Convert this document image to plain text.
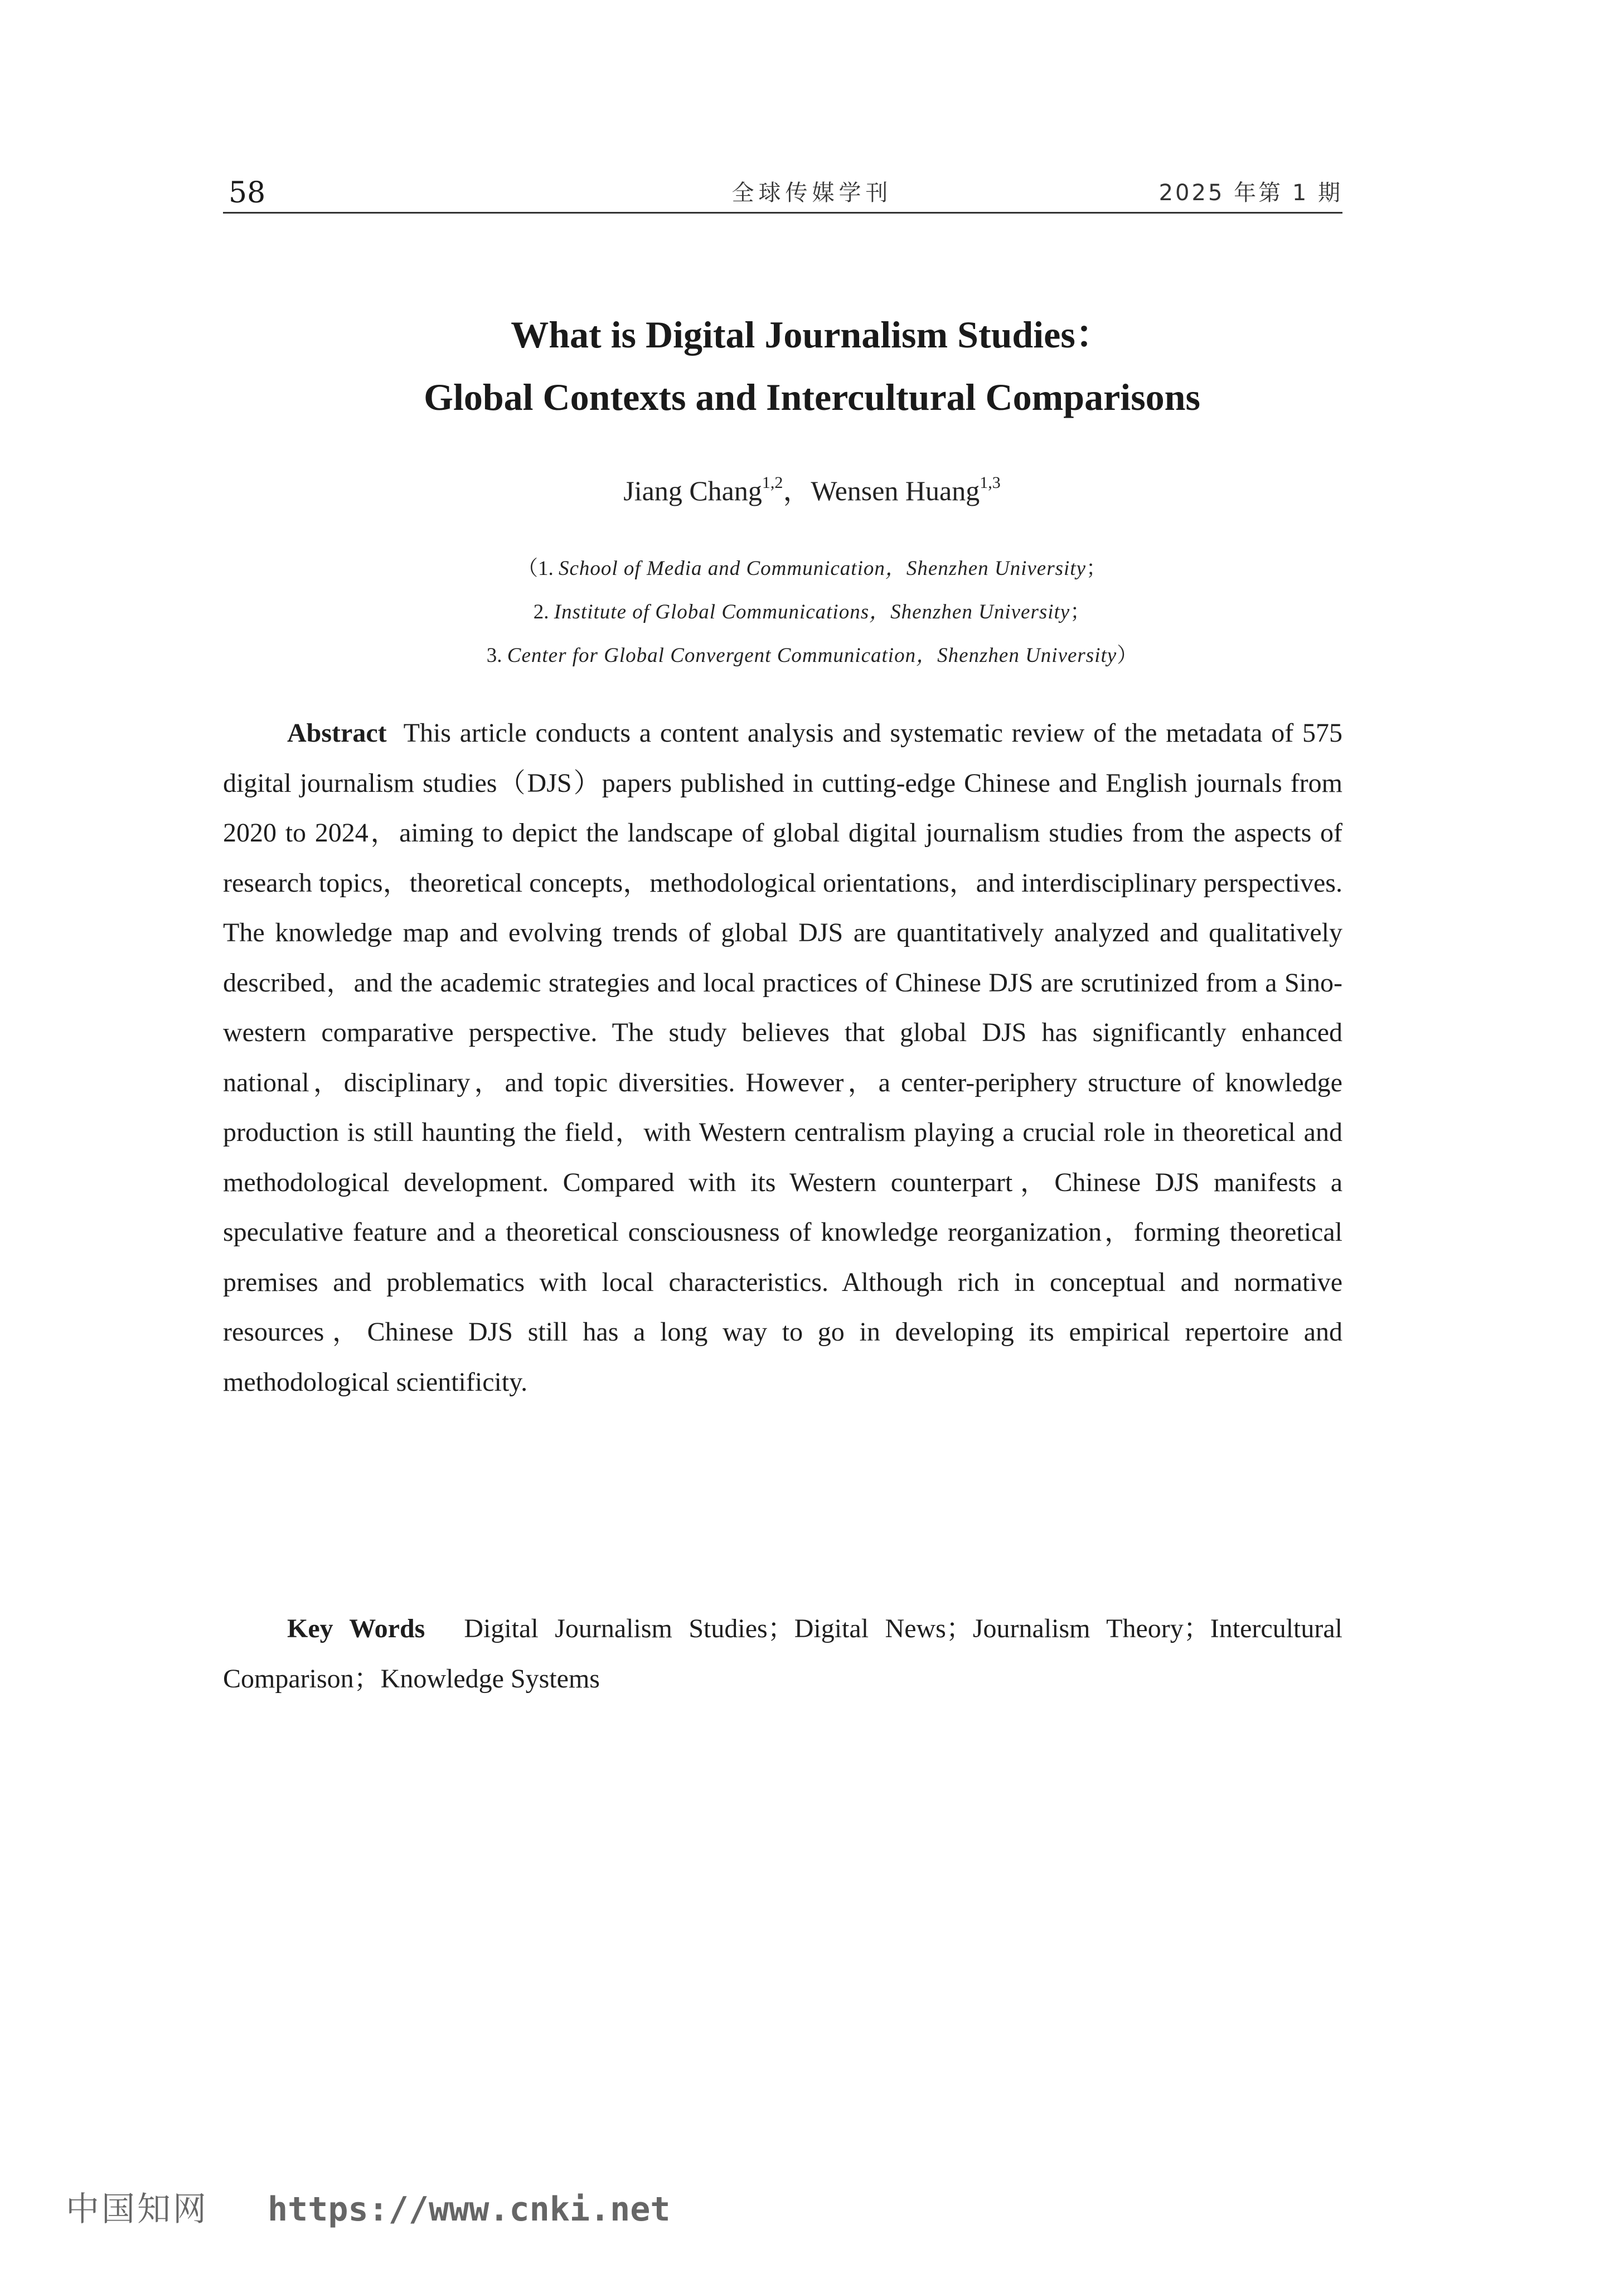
58	全球传媒学刊	2025 年第 1 期
What is Digital Journalism Studies：
Global Contexts and Intercultural Comparisons
Jiang Chang$^{1,2}$，Wensen Huang$^{1,3}$
（1. School of Media and Communication，Shenzhen University；
2. Institute of Global Communications，Shenzhen University；
3. Center for Global Convergent Communication，Shenzhen University）
Abstract This article conducts a content analysis and systematic review of the metadata of 575 digital journalism studies（DJS）papers published in cutting-edge Chinese and English journals from 2020 to 2024，aiming to depict the landscape of global digital journalism studies from the aspects of research topics，theoretical concepts，methodological orientations，and interdisciplinary perspectives. The knowledge map and evolving trends of global DJS are quantitatively analyzed and qualitatively described，and the academic strategies and local practices of Chinese DJS are scrutinized from a Sino-western comparative perspective. The study believes that global DJS has significantly enhanced national，disciplinary，and topic diversities. However，a center-periphery structure of knowledge production is still haunting the field，with Western centralism playing a crucial role in theoretical and methodological development. Compared with its Western counterpart，Chinese DJS manifests a speculative feature and a theoretical consciousness of knowledge reorganization，forming theoretical premises and problematics with local characteristics. Although rich in conceptual and normative resources，Chinese DJS still has a long way to go in developing its empirical repertoire and methodological scientificity.
Key Words Digital Journalism Studies；Digital News；Journalism Theory；Intercultural Comparison；Knowledge Systems
中国知网 https://www.cnki.net
